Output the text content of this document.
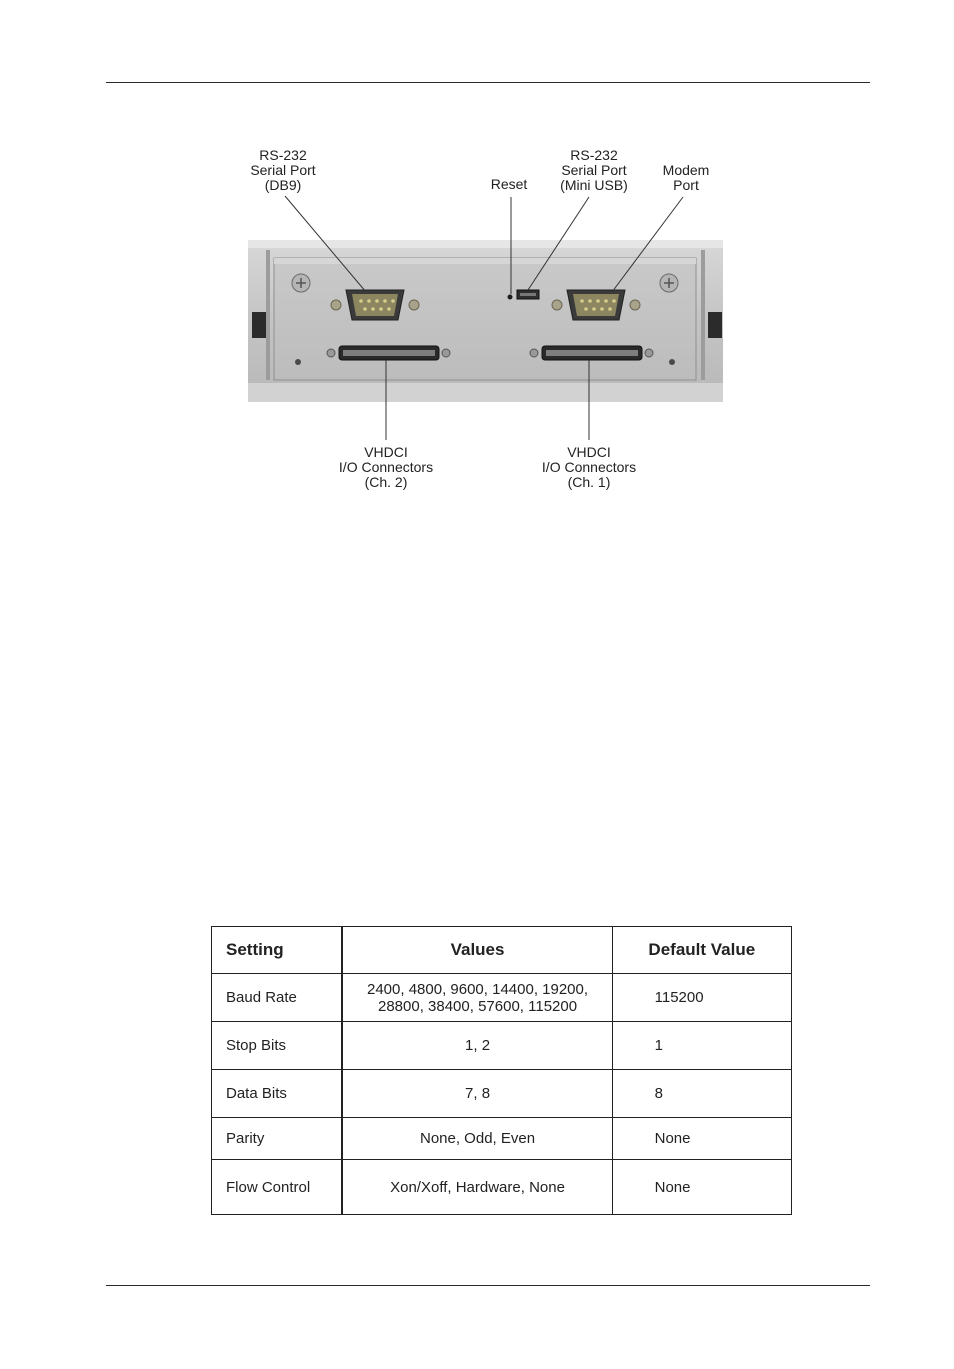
RS-232
Serial Port
(DB9)	Reset
RS-232
Serial Port
(Mini USB)
Modem
Port
VHDCI
I/O Connectors
(Ch. 2)
VHDCI
I/O Connectors
(Ch. 1)
Setting	Values	Default Value
Baud Rate	2400, 4800, 9600, 14400, 19200,
28800, 38400, 57600, 115200	115200
Stop Bits	1, 2	1
Data Bits	7, 8	8
Parity	None, Odd, Even	None
Flow Control	Xon/Xoff, Hardware, None	None
